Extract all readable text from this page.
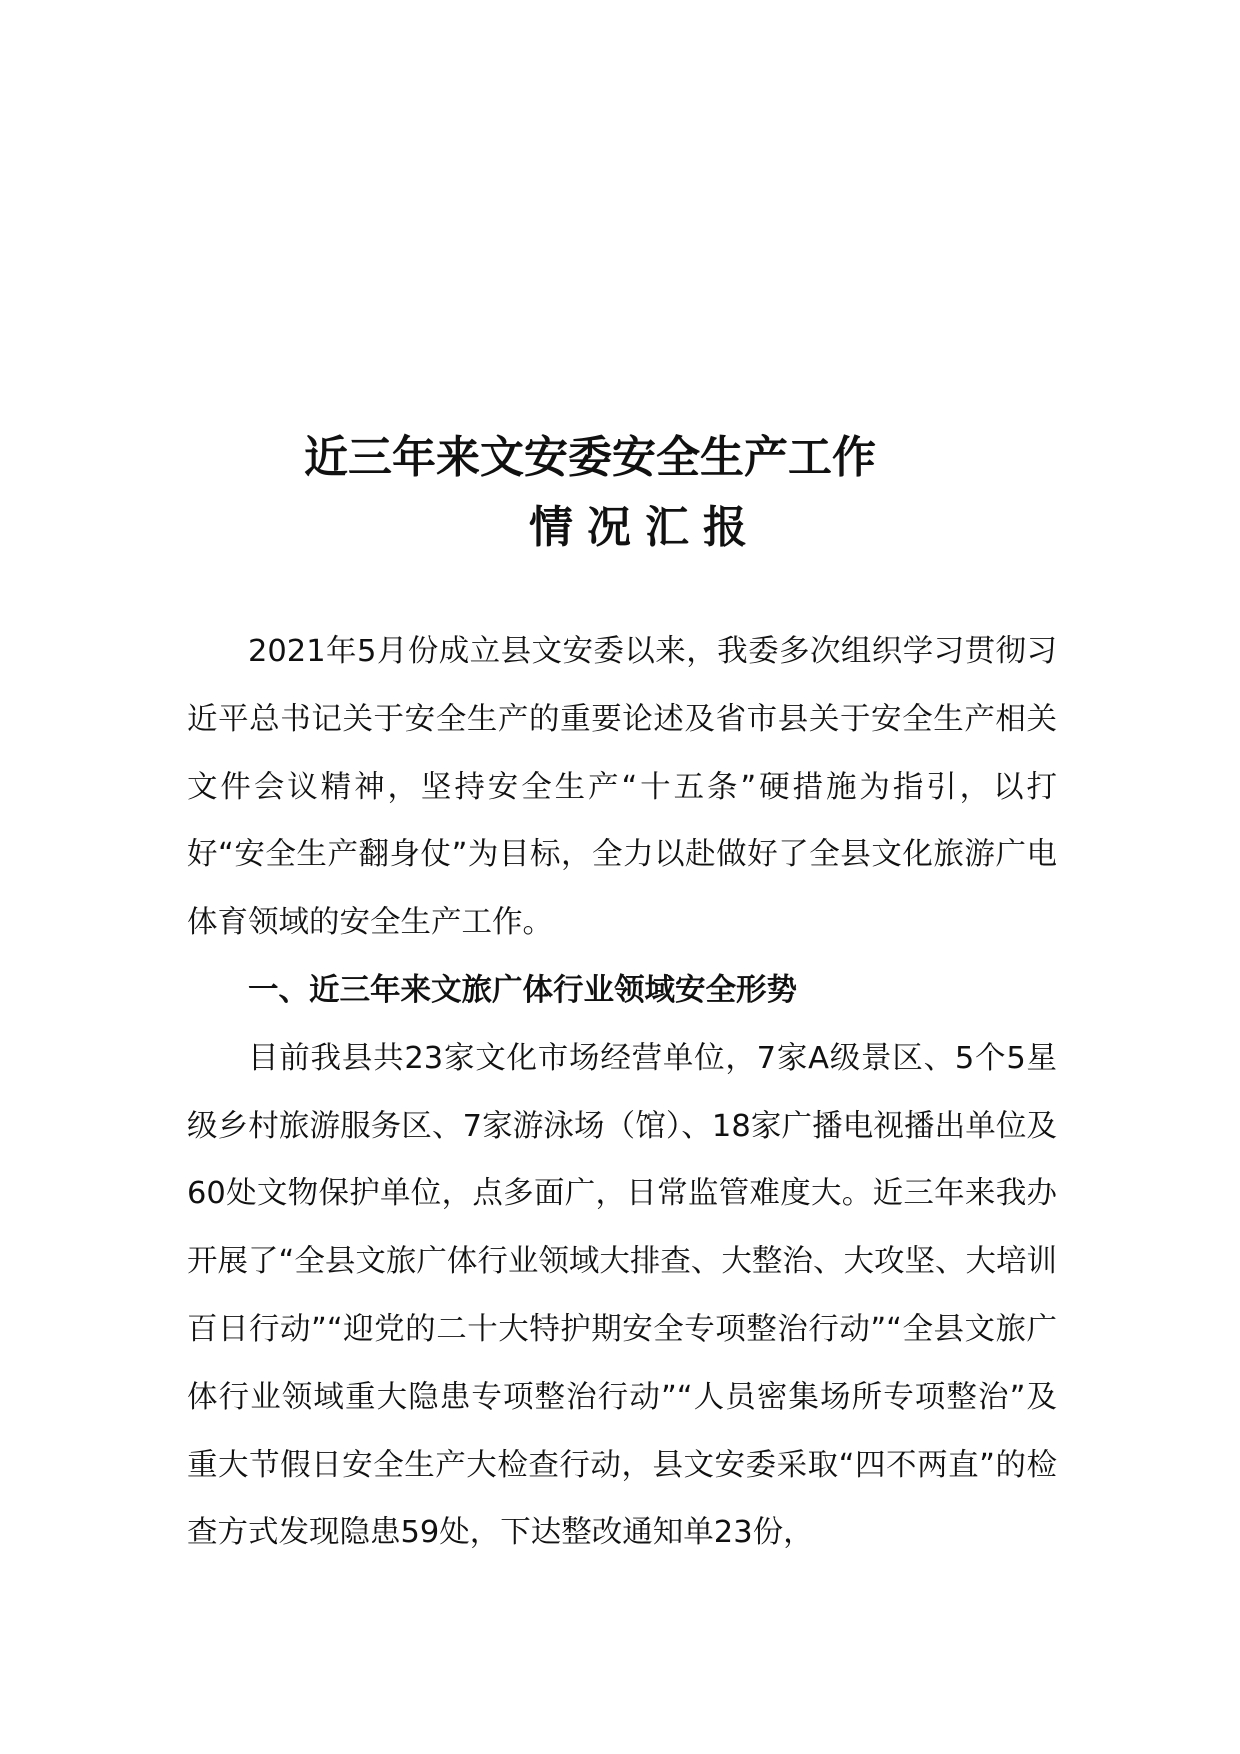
近三年来文安委安全生产工作
情况汇报

2021年5月份成立县文安委以来，我委多次组织学习贯彻习近平总书记关于安全生产的重要论述及省市县关于安全生产相关文件会议精神，坚持安全生产“十五条”硬措施为指引，以打好“安全生产翻身仗”为目标，全力以赴做好了全县文化旅游广电体育领域的安全生产工作。

一、近三年来文旅广体行业领域安全形势

目前我县共23家文化市场经营单位，7家A级景区、5个5星级乡村旅游服务区、7家游泳场（馆）、18家广播电视播出单位及60处文物保护单位，点多面广，日常监管难度大。近三年来我办开展了“全县文旅广体行业领域大排查、大整治、大攻坚、大培训百日行动”“迎党的二十大特护期安全专项整治行动”“全县文旅广体行业领域重大隐患专项整治行动”“人员密集场所专项整治”及重大节假日安全生产大检查行动，县文安委采取“四不两直”的检查方式发现隐患59处，下达整改通知单23份，
